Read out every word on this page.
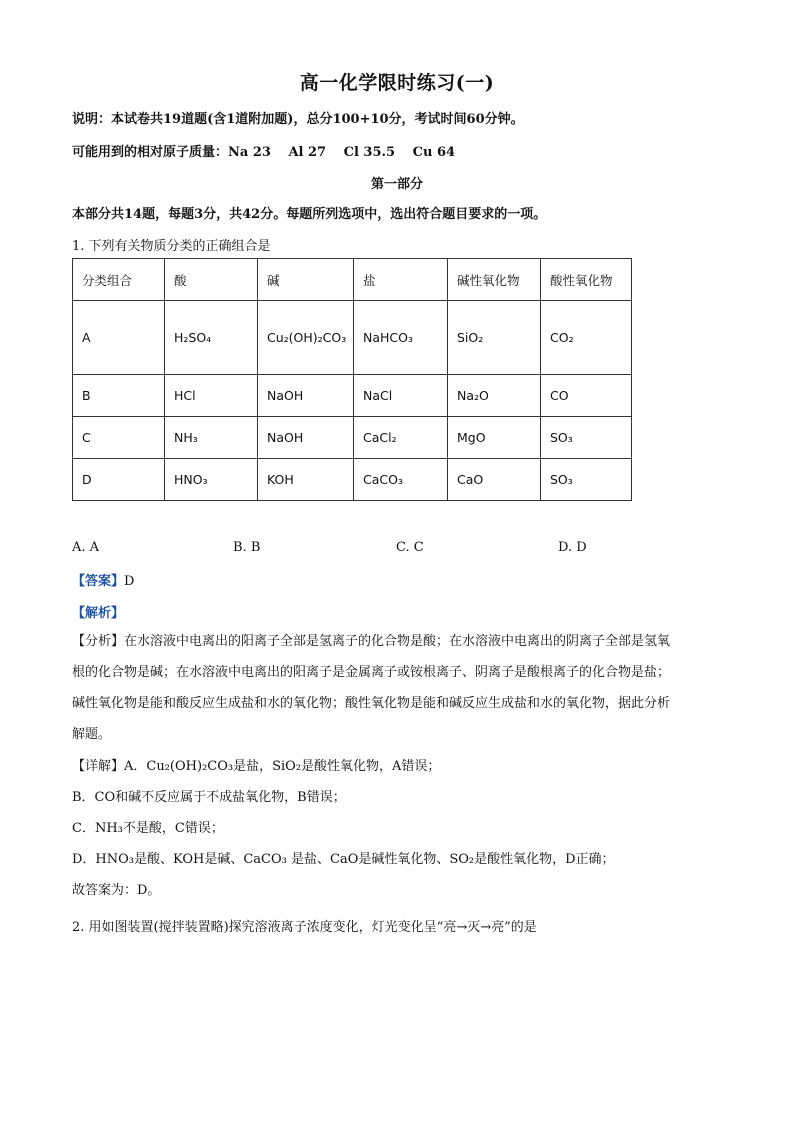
高一化学限时练习(一)
说明：本试卷共19道题(含1道附加题)，总分100+10分，考试时间60分钟。
可能用到的相对原子质量：Na 23　 Al 27　 Cl 35.5　 Cu 64
第一部分
本部分共14题，每题3分，共42分。每题所列选项中，选出符合题目要求的一项。
1. 下列有关物质分类的正确组合是
分类组合	酸	碱	盐	碱性氧化物	酸性氧化物
A	H₂SO₄	Cu₂(OH)₂CO₃	NaHCO₃	SiO₂	CO₂
B	HCl	NaOH	NaCl	Na₂O	CO
C	NH₃	NaOH	CaCl₂	MgO	SO₃
D	HNO₃	KOH	CaCO₃	CaO	SO₃
A. A	B. B	C. C	D. D
【答案】D
【解析】
【分析】在水溶液中电离出的阳离子全部是氢离子的化合物是酸；在水溶液中电离出的阴离子全部是氢氧
根的化合物是碱；在水溶液中电离出的阳离子是金属离子或铵根离子、阴离子是酸根离子的化合物是盐；
碱性氧化物是能和酸反应生成盐和水的氧化物；酸性氧化物是能和碱反应生成盐和水的氧化物，据此分析
解题。
【详解】A．Cu₂(OH)₂CO₃是盐，SiO₂是酸性氧化物，A错误；
B．CO和碱不反应属于不成盐氧化物，B错误；
C．NH₃不是酸，C错误；
D．HNO₃是酸、KOH是碱、CaCO₃ 是盐、CaO是碱性氧化物、SO₂是酸性氧化物，D正确；
故答案为：D。
2. 用如图装置(搅拌装置略)探究溶液离子浓度变化，灯光变化呈“亮→灭→亮”的是
